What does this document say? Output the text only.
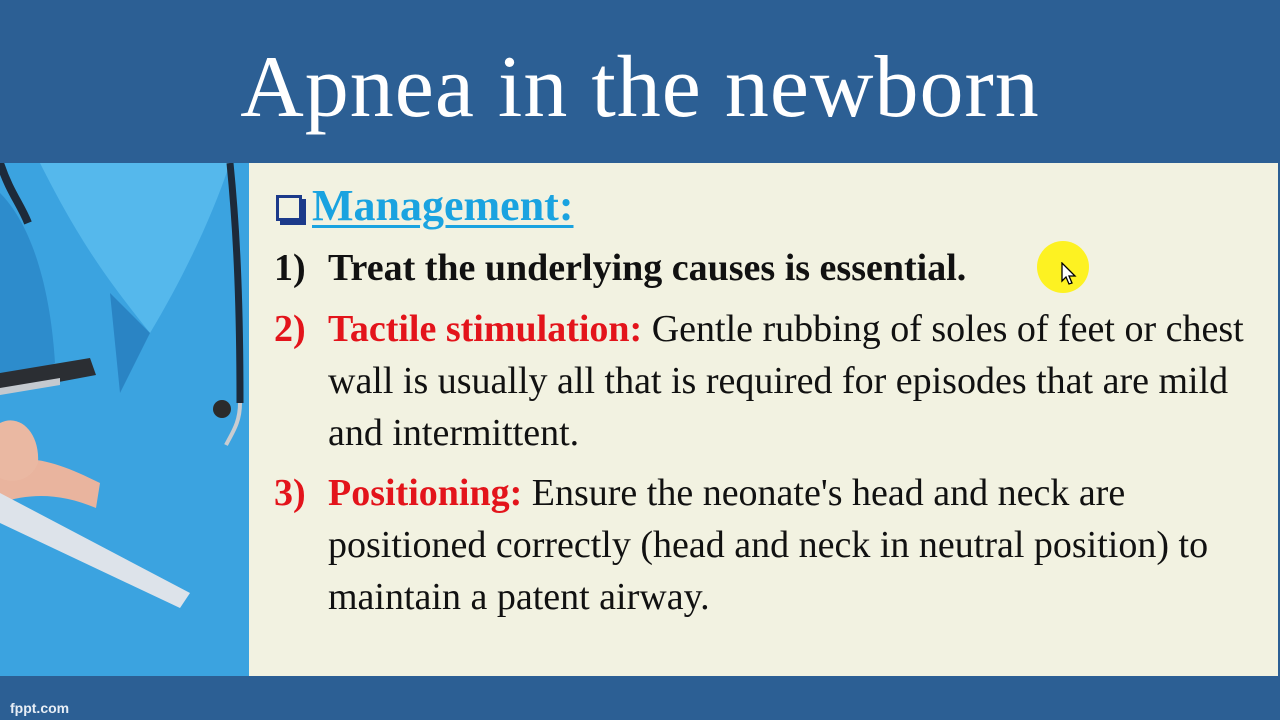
Apnea in the newborn
Management:
1) Treat the underlying causes is essential.
2) Tactile stimulation: Gentle rubbing of soles of feet or chest wall is usually all that is required for episodes that are mild and intermittent.
3) Positioning: Ensure the neonate's head and neck are positioned correctly (head and neck in neutral position) to maintain a patent airway.
fppt.com
